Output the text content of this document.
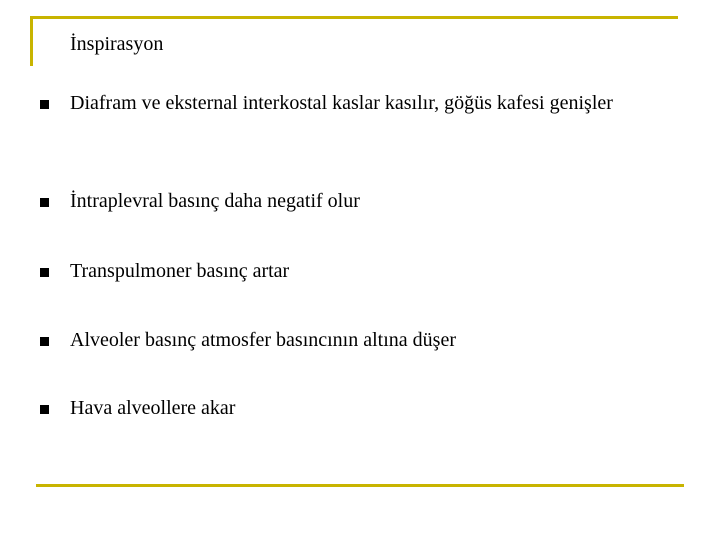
İnspirasyon
Diafram ve eksternal interkostal kaslar kasılır, göğüs kafesi genişler
İntraplevral basınç daha negatif olur
Transpulmoner basınç artar
Alveoler basınç atmosfer basıncının altına düşer
Hava alveollere akar
